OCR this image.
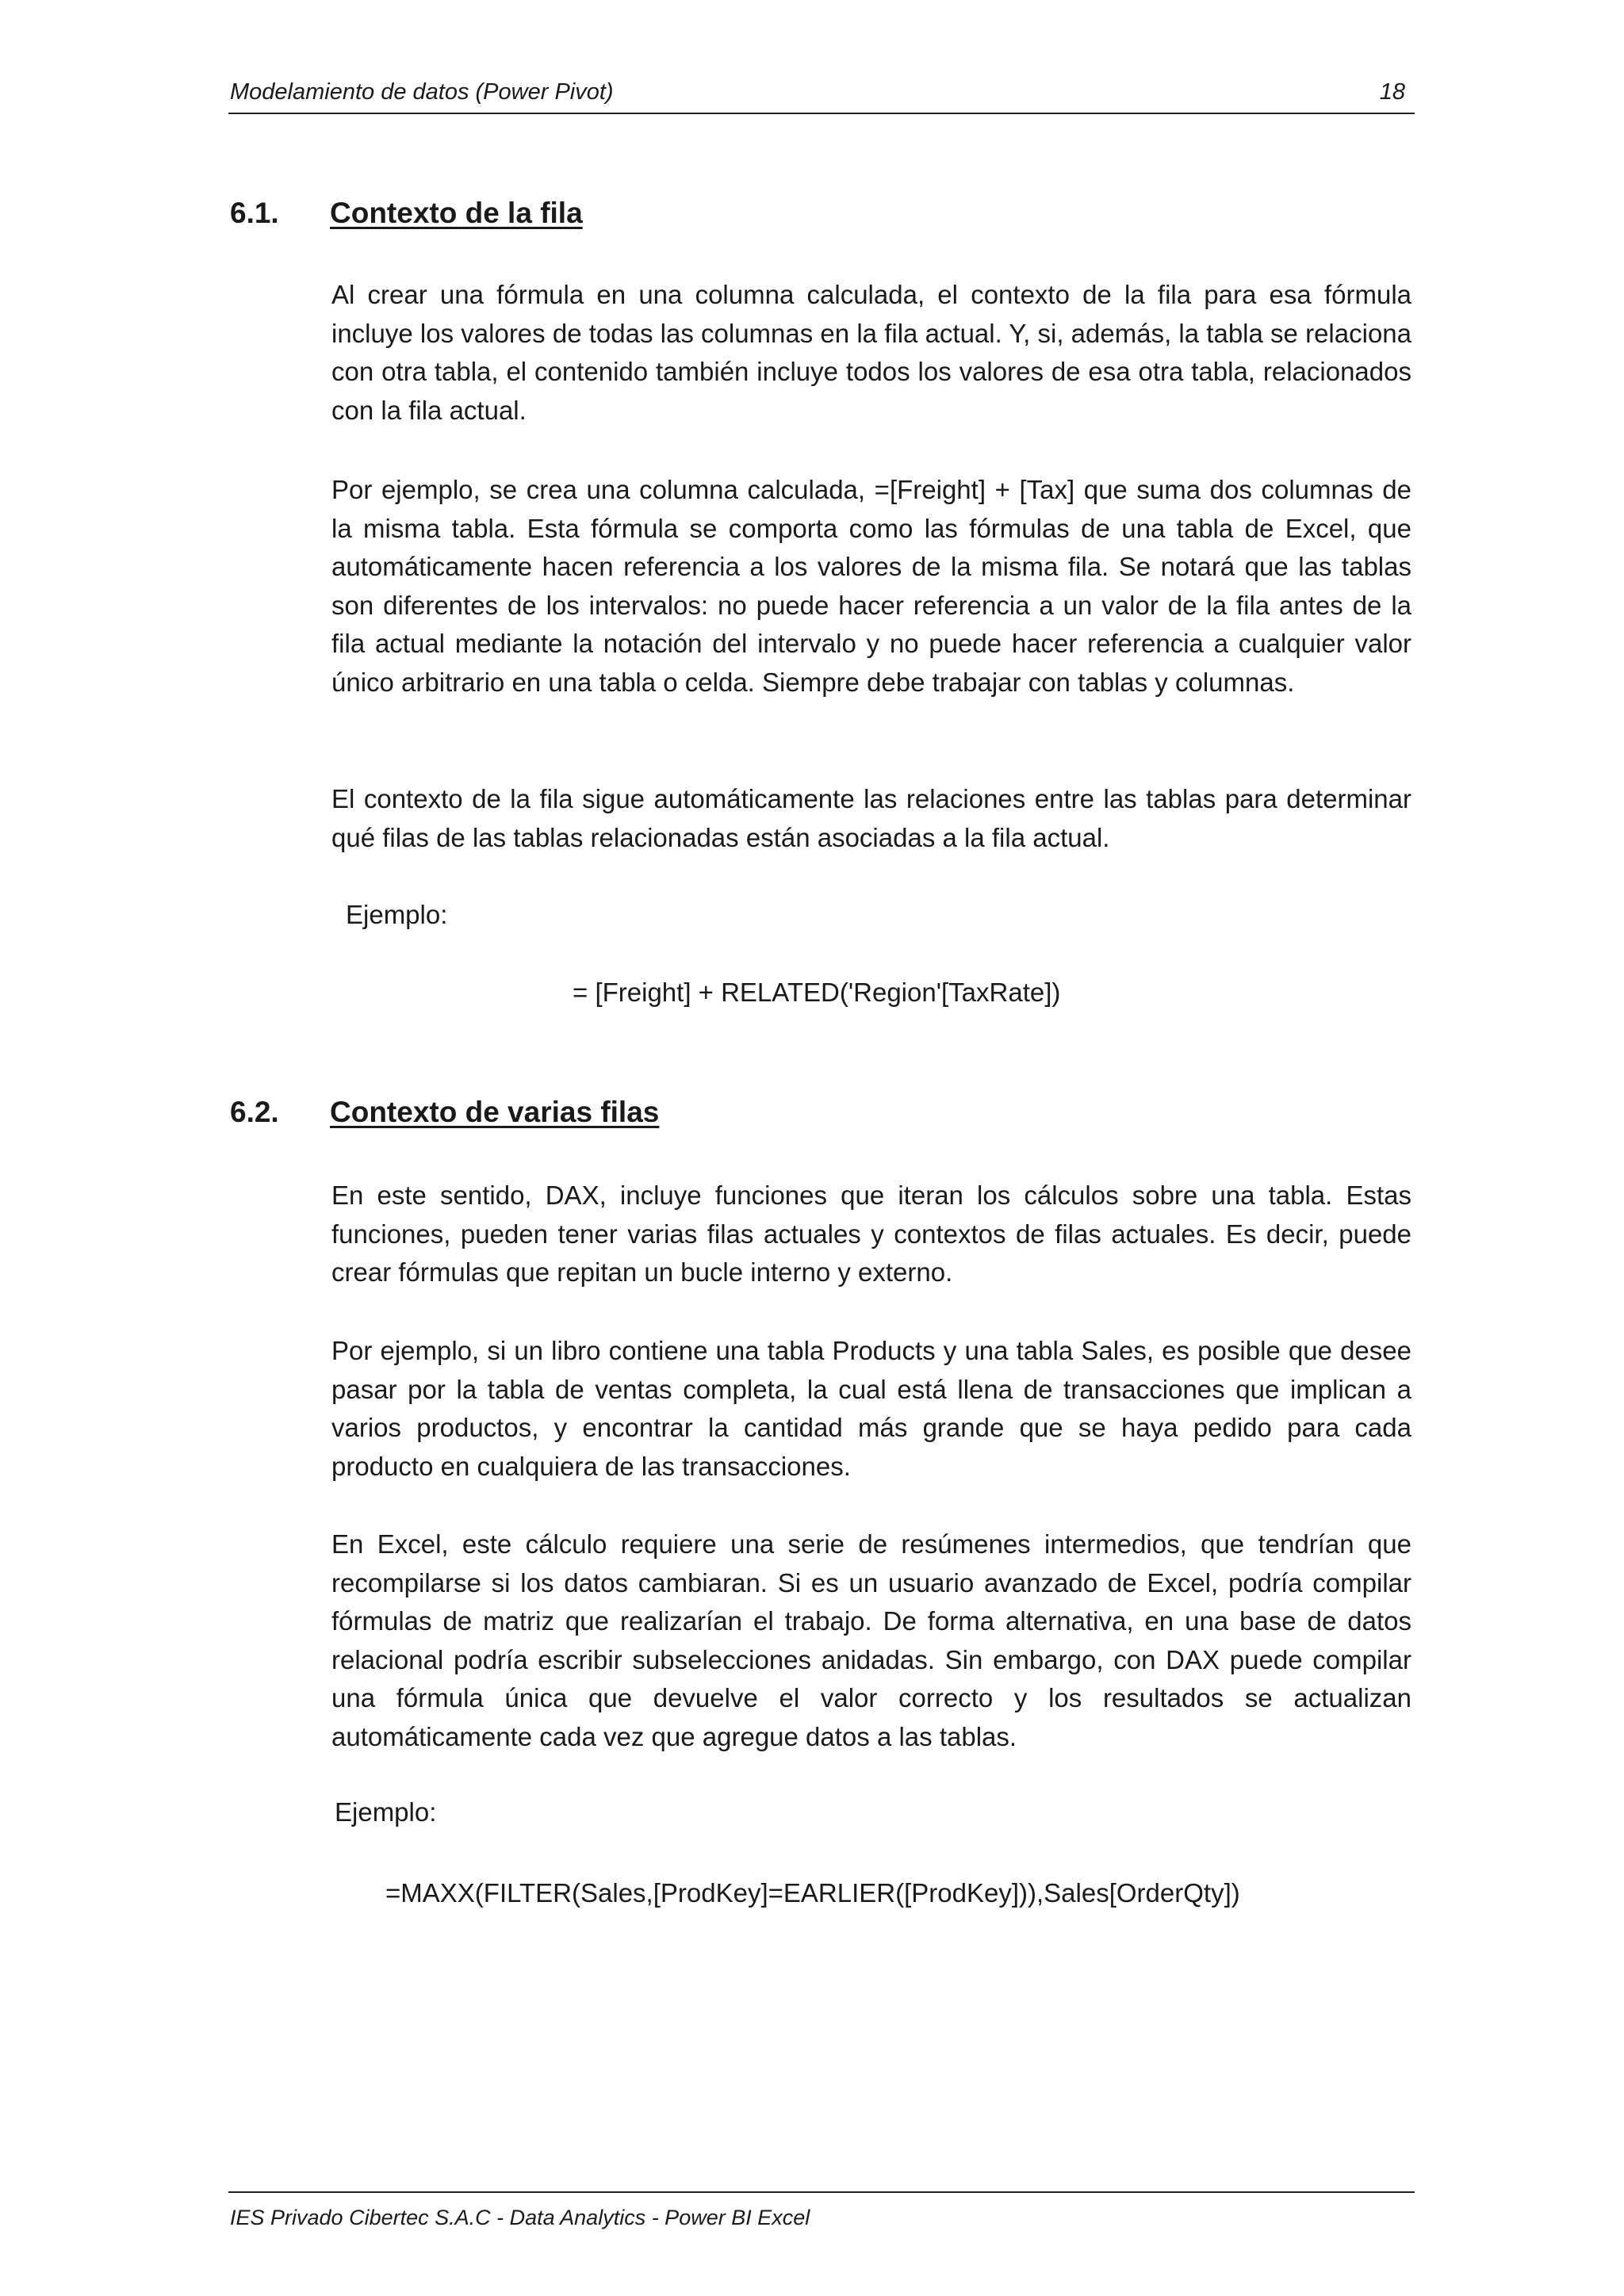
Modelamiento de datos (Power Pivot)	18
6.1. Contexto de la fila

Al crear una fórmula en una columna calculada, el contexto de la fila para esa fórmula incluye los valores de todas las columnas en la fila actual. Y, si, además, la tabla se relaciona con otra tabla, el contenido también incluye todos los valores de esa otra tabla, relacionados con la fila actual.

Por ejemplo, se crea una columna calculada, =[Freight] + [Tax] que suma dos columnas de la misma tabla. Esta fórmula se comporta como las fórmulas de una tabla de Excel, que automáticamente hacen referencia a los valores de la misma fila. Se notará que las tablas son diferentes de los intervalos: no puede hacer referencia a un valor de la fila antes de la fila actual mediante la notación del intervalo y no puede hacer referencia a cualquier valor único arbitrario en una tabla o celda. Siempre debe trabajar con tablas y columnas.

El contexto de la fila sigue automáticamente las relaciones entre las tablas para determinar qué filas de las tablas relacionadas están asociadas a la fila actual.

Ejemplo:
= [Freight] + RELATED('Region'[TaxRate])
6.2. Contexto de varias filas

En este sentido, DAX, incluye funciones que iteran los cálculos sobre una tabla. Estas funciones, pueden tener varias filas actuales y contextos de filas actuales. Es decir, puede crear fórmulas que repitan un bucle interno y externo.

Por ejemplo, si un libro contiene una tabla Products y una tabla Sales, es posible que desee pasar por la tabla de ventas completa, la cual está llena de transacciones que implican a varios productos, y encontrar la cantidad más grande que se haya pedido para cada producto en cualquiera de las transacciones.

En Excel, este cálculo requiere una serie de resúmenes intermedios, que tendrían que recompilarse si los datos cambiaran. Si es un usuario avanzado de Excel, podría compilar fórmulas de matriz que realizarían el trabajo. De forma alternativa, en una base de datos relacional podría escribir subselecciones anidadas. Sin embargo, con DAX puede compilar una fórmula única que devuelve el valor correcto y los resultados se actualizan automáticamente cada vez que agregue datos a las tablas.

Ejemplo:
=MAXX(FILTER(Sales,[ProdKey]=EARLIER([ProdKey])),Sales[OrderQty])
IES Privado Cibertec S.A.C - Data Analytics - Power BI Excel
